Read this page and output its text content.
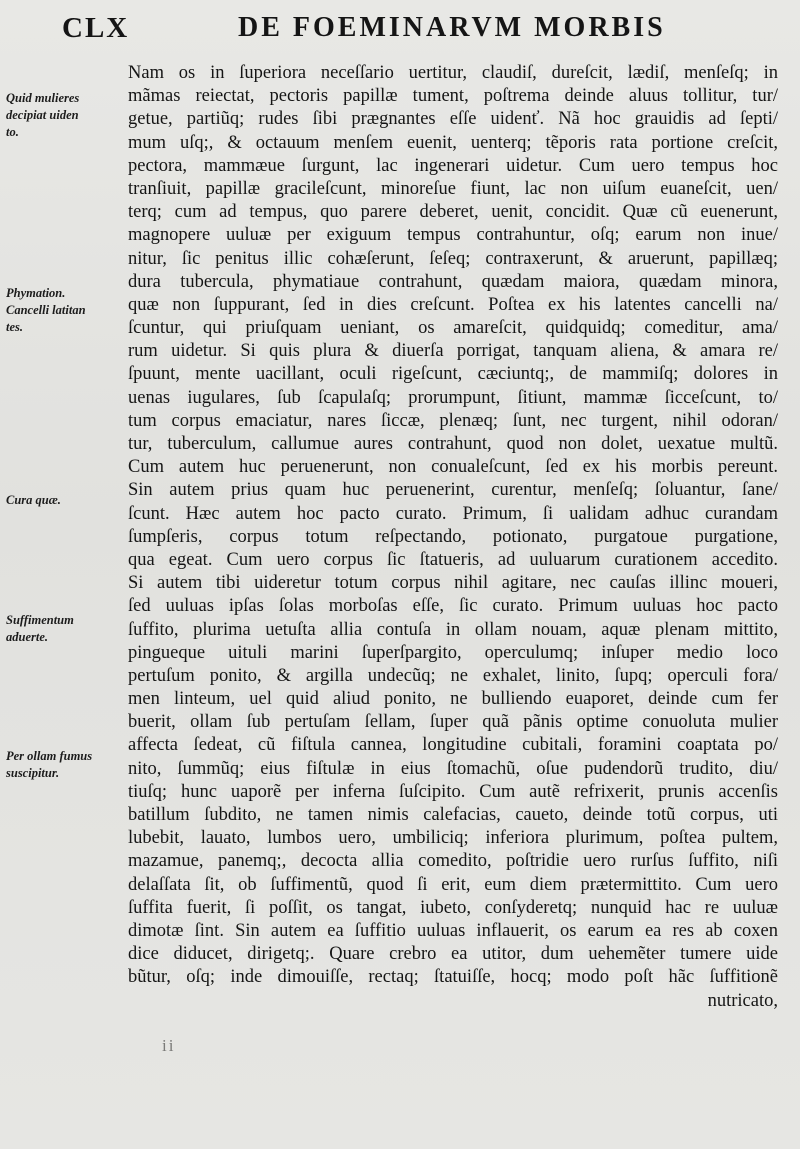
CLX	DE FOEMINARVM MORBIS
Quid mulieres
decipiat uiden
to.
Phymation.
Cancelli latitan
tes.
Cura quæ.
Suffimentum
aduerte.
Per ollam fumus
suscipitur.
Nam os in ſuperiora neceſſario uertitur, claudiſ, dureſcit, lædiſ, menſeſq; in
mãmas reiectat, pectoris papillæ tument, poſtrema deinde aluus tollitur, tur/
getue, partiũq; rudes ſibi prægnantes eſſe uidenť. Nã hoc grauidis ad ſepti/
mum uſq;, & octauum menſem euenit, uenterq; tẽporis rata portione creſcit,
pectora, mammæue ſurgunt, lac ingenerari uidetur. Cum uero tempus hoc
tranſiuit, papillæ gracileſcunt, minoreſue fiunt, lac non uiſum euaneſcit, uen/
terq; cum ad tempus, quo parere deberet, uenit, concidit. Quæ cũ euenerunt,
magnopere uuluæ per exiguum tempus contrahuntur, oſq; earum non inue/
nitur, ſic penitus illic cohæſerunt, ſeſeq; contraxerunt, & aruerunt, papillæq;
dura tubercula, phymatiaue contrahunt, quædam maiora, quædam minora,
quæ non ſuppurant, ſed in dies creſcunt. Poſtea ex his latentes cancelli na/
ſcuntur, qui priuſquam ueniant, os amareſcit, quidquidq; comeditur, ama/
rum uidetur. Si quis plura & diuerſa porrigat, tanquam aliena, & amara re/
ſpuunt, mente uacillant, oculi rigeſcunt, cæciuntq;, de mammiſq; dolores in
uenas iugulares, ſub ſcapulaſq; prorumpunt, ſitiunt, mammæ ſicceſcunt, to/
tum corpus emaciatur, nares ſiccæ, plenæq; ſunt, nec turgent, nihil odoran/
tur, tuberculum, callumue aures contrahunt, quod non dolet, uexatue multũ.
Cum autem huc peruenerunt, non conualeſcunt, ſed ex his morbis pereunt.
Sin autem prius quam huc peruenerint, curentur, menſeſq; ſoluantur, ſane/
ſcunt. Hæc autem hoc pacto curato. Primum, ſi ualidam adhuc curandam
ſumpſeris, corpus totum reſpectando, potionato, purgatoue purgatione,
qua egeat. Cum uero corpus ſic ſtatueris, ad uuluarum curationem accedito.
Si autem tibi uideretur totum corpus nihil agitare, nec cauſas illinc moueri,
ſed uuluas ipſas ſolas morboſas eſſe, ſic curato. Primum uuluas hoc pacto
ſuffito, plurima uetuſta allia contuſa in ollam nouam, aquæ plenam mittito,
pingueque uituli marini ſuperſpargito, operculumq; inſuper medio loco
pertuſum ponito, & argilla undecũq; ne exhalet, linito, ſupq; operculi fora/
men linteum, uel quid aliud ponito, ne bulliendo euaporet, deinde cum fer
buerit, ollam ſub pertuſam ſellam, ſuper quã pãnis optime conuoluta mulier
affecta ſedeat, cũ fiſtula cannea, longitudine cubitali, foramini coaptata po/
nito, ſummũq; eius fiſtulæ in eius ſtomachũ, oſue pudendorũ trudito, diu/
tiuſq; hunc uaporẽ per inferna ſuſcipito. Cum autẽ refrixerit, prunis accenſis
batillum ſubdito, ne tamen nimis calefacias, caueto, deinde totũ corpus, uti
lubebit, lauato, lumbos uero, umbiliciq; inferiora plurimum, poſtea pultem,
mazamue, panemq;, decocta allia comedito, poſtridie uero rurſus ſuffito, niſi
delaſſata ſit, ob ſuffimentũ, quod ſi erit, eum diem prætermittito. Cum uero
ſuffita fuerit, ſi poſſit, os tangat, iubeto, conſyderetq; nunquid hac re uuluæ
dimotæ ſint. Sin autem ea ſuffitio uuluas inflauerit, os earum ea res ab coxen
dice diducet, dirigetq;. Quare crebro ea utitor, dum uehemẽter tumere uide
bũtur, oſq; inde dimouiſſe, rectaq; ſtatuiſſe, hocq; modo poſt hãc ſuffitionẽ
nutricato,
ii
